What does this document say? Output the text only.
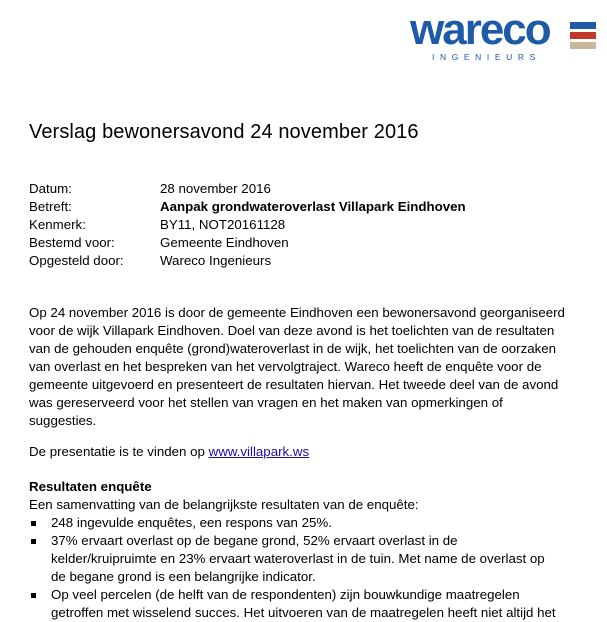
wareco
INGENIEURS
Verslag bewonersavond 24 november 2016
Datum:	28 november 2016
Betreft:	Aanpak grondwateroverlast Villapark Eindhoven
Kenmerk:	BY11, NOT20161128
Bestemd voor:	Gemeente Eindhoven
Opgesteld door:	Wareco Ingenieurs

Op 24 november 2016 is door de gemeente Eindhoven een bewonersavond georganiseerd
voor de wijk Villapark Eindhoven. Doel van deze avond is het toelichten van de resultaten
van de gehouden enquête (grond)wateroverlast in de wijk, het toelichten van de oorzaken
van overlast en het bespreken van het vervolgtraject. Wareco heeft de enquête voor de
gemeente uitgevoerd en presenteert de resultaten hiervan. Het tweede deel van de avond
was gereserveerd voor het stellen van vragen en het maken van opmerkingen of
suggesties.

De presentatie is te vinden op www.villapark.ws
Resultaten enquête
Een samenvatting van de belangrijkste resultaten van de enquête:
248 ingevulde enquêtes, een respons van 25%.
37% ervaart overlast op de begane grond, 52% ervaart overlast in de
kelder/kruipruimte en 23% ervaart wateroverlast in de tuin. Met name de overlast op
de begane grond is een belangrijke indicator.
Op veel percelen (de helft van de respondenten) zijn bouwkundige maatregelen
getroffen met wisselend succes. Het uitvoeren van de maatregelen heeft niet altijd het
